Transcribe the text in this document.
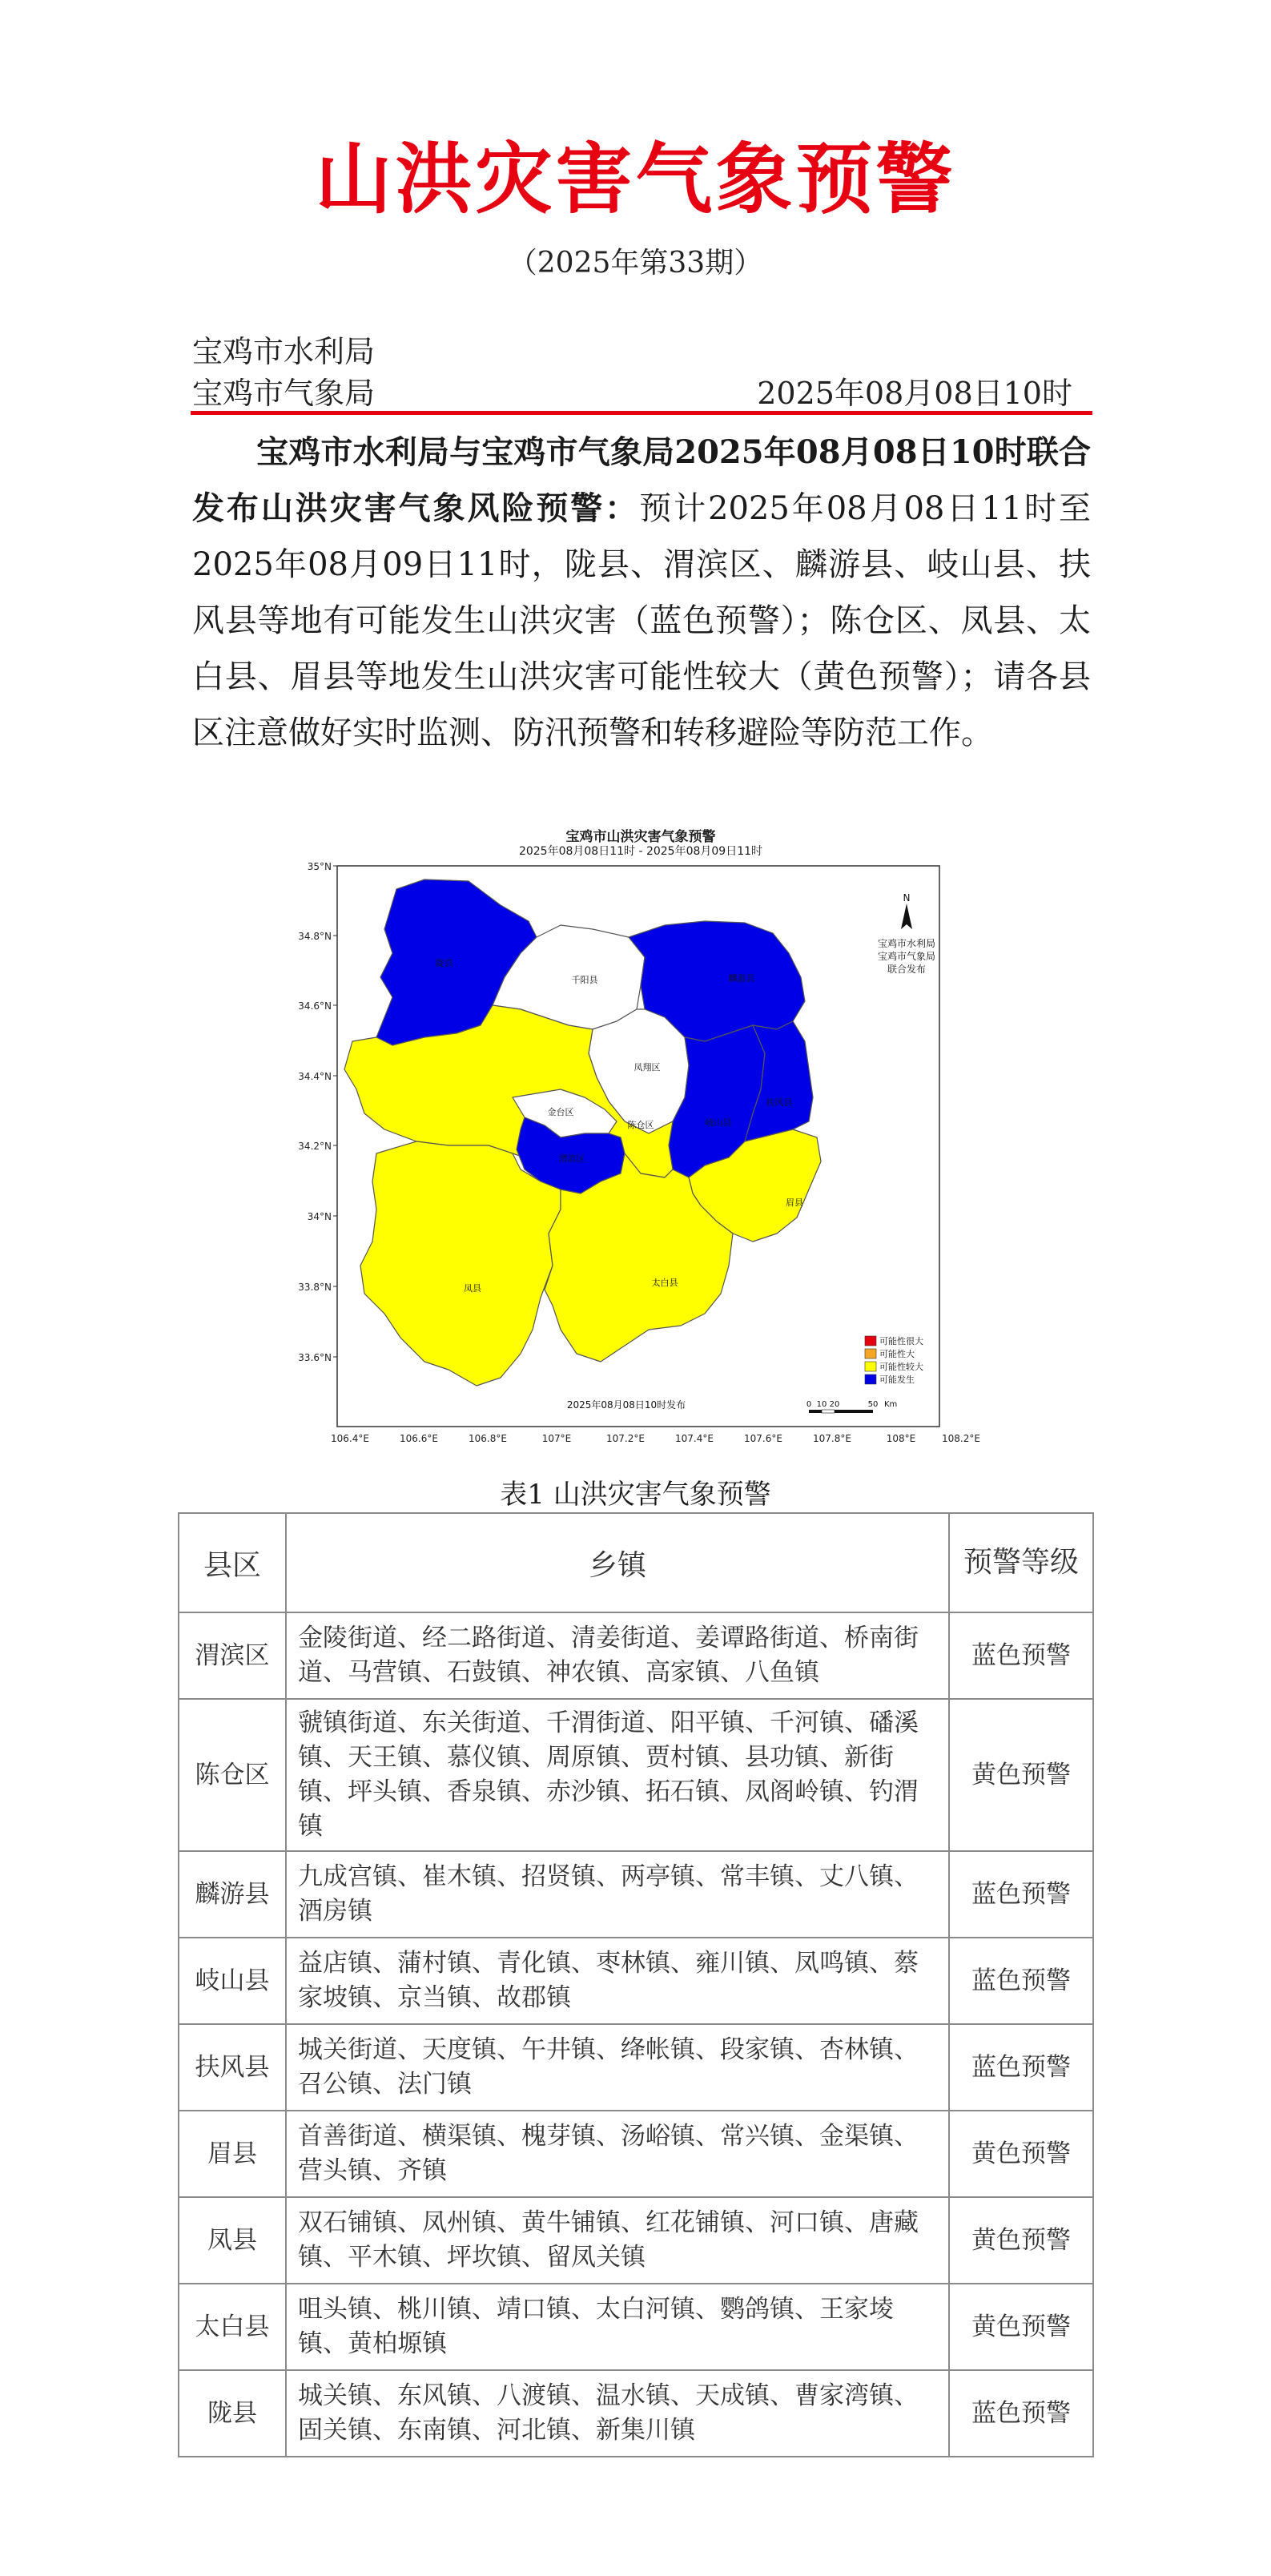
山洪灾害气象预警
（2025年第33期）
宝鸡市水利局
宝鸡市气象局	2025年08月08日10时
宝鸡市水利局与宝鸡市气象局2025年08月08日10时联合发布山洪灾害气象风险预警：预计2025年08月08日11时至2025年08月09日11时，陇县、渭滨区、麟游县、岐山县、扶风县等地有可能发生山洪灾害（蓝色预警）；陈仓区、凤县、太白县、眉县等地发生山洪灾害可能性较大（黄色预警）；请各县区注意做好实时监测、防汛预警和转移避险等防范工作。
宝鸡市山洪灾害气象预警
2025年08月08日11时 - 2025年08月09日11时
35°N
34.8°N
34.6°N
34.4°N
34.2°N
34°N
33.8°N
33.6°N
106.4°E	106.6°E	106.8°E	107°E	107.2°E	107.4°E	107.6°E	107.8°E	108°E	108.2°E
陇县
千阳县	麟游县
凤翔区
金台区
陈仓区
渭滨区
岐山县
扶风县
眉县
凤县
太白县
N
宝鸡市水利局
宝鸡市气象局
联合发布
可能性很大
可能性大
可能性较大
可能发生
2025年08月08日10时发布	0 10 20	50 Km
表1 山洪灾害气象预警
县区	乡镇	预警等级
渭滨区	金陵街道、经二路街道、清姜街道、姜谭路街道、桥南街道、马营镇、石鼓镇、神农镇、高家镇、八鱼镇	蓝色预警
陈仓区	虢镇街道、东关街道、千渭街道、阳平镇、千河镇、磻溪镇、天王镇、慕仪镇、周原镇、贾村镇、县功镇、新街镇、坪头镇、香泉镇、赤沙镇、拓石镇、凤阁岭镇、钓渭镇	黄色预警
麟游县	九成宫镇、崔木镇、招贤镇、两亭镇、常丰镇、丈八镇、酒房镇	蓝色预警
岐山县	益店镇、蒲村镇、青化镇、枣林镇、雍川镇、凤鸣镇、蔡家坡镇、京当镇、故郡镇	蓝色预警
扶风县	城关街道、天度镇、午井镇、绛帐镇、段家镇、杏林镇、召公镇、法门镇	蓝色预警
眉县	首善街道、横渠镇、槐芽镇、汤峪镇、常兴镇、金渠镇、营头镇、齐镇	黄色预警
凤县	双石铺镇、凤州镇、黄牛铺镇、红花铺镇、河口镇、唐藏镇、平木镇、坪坎镇、留凤关镇	黄色预警
太白县	咀头镇、桃川镇、靖口镇、太白河镇、鹦鸽镇、王家堎镇、黄柏塬镇	黄色预警
陇县	城关镇、东风镇、八渡镇、温水镇、天成镇、曹家湾镇、固关镇、东南镇、河北镇、新集川镇	蓝色预警
